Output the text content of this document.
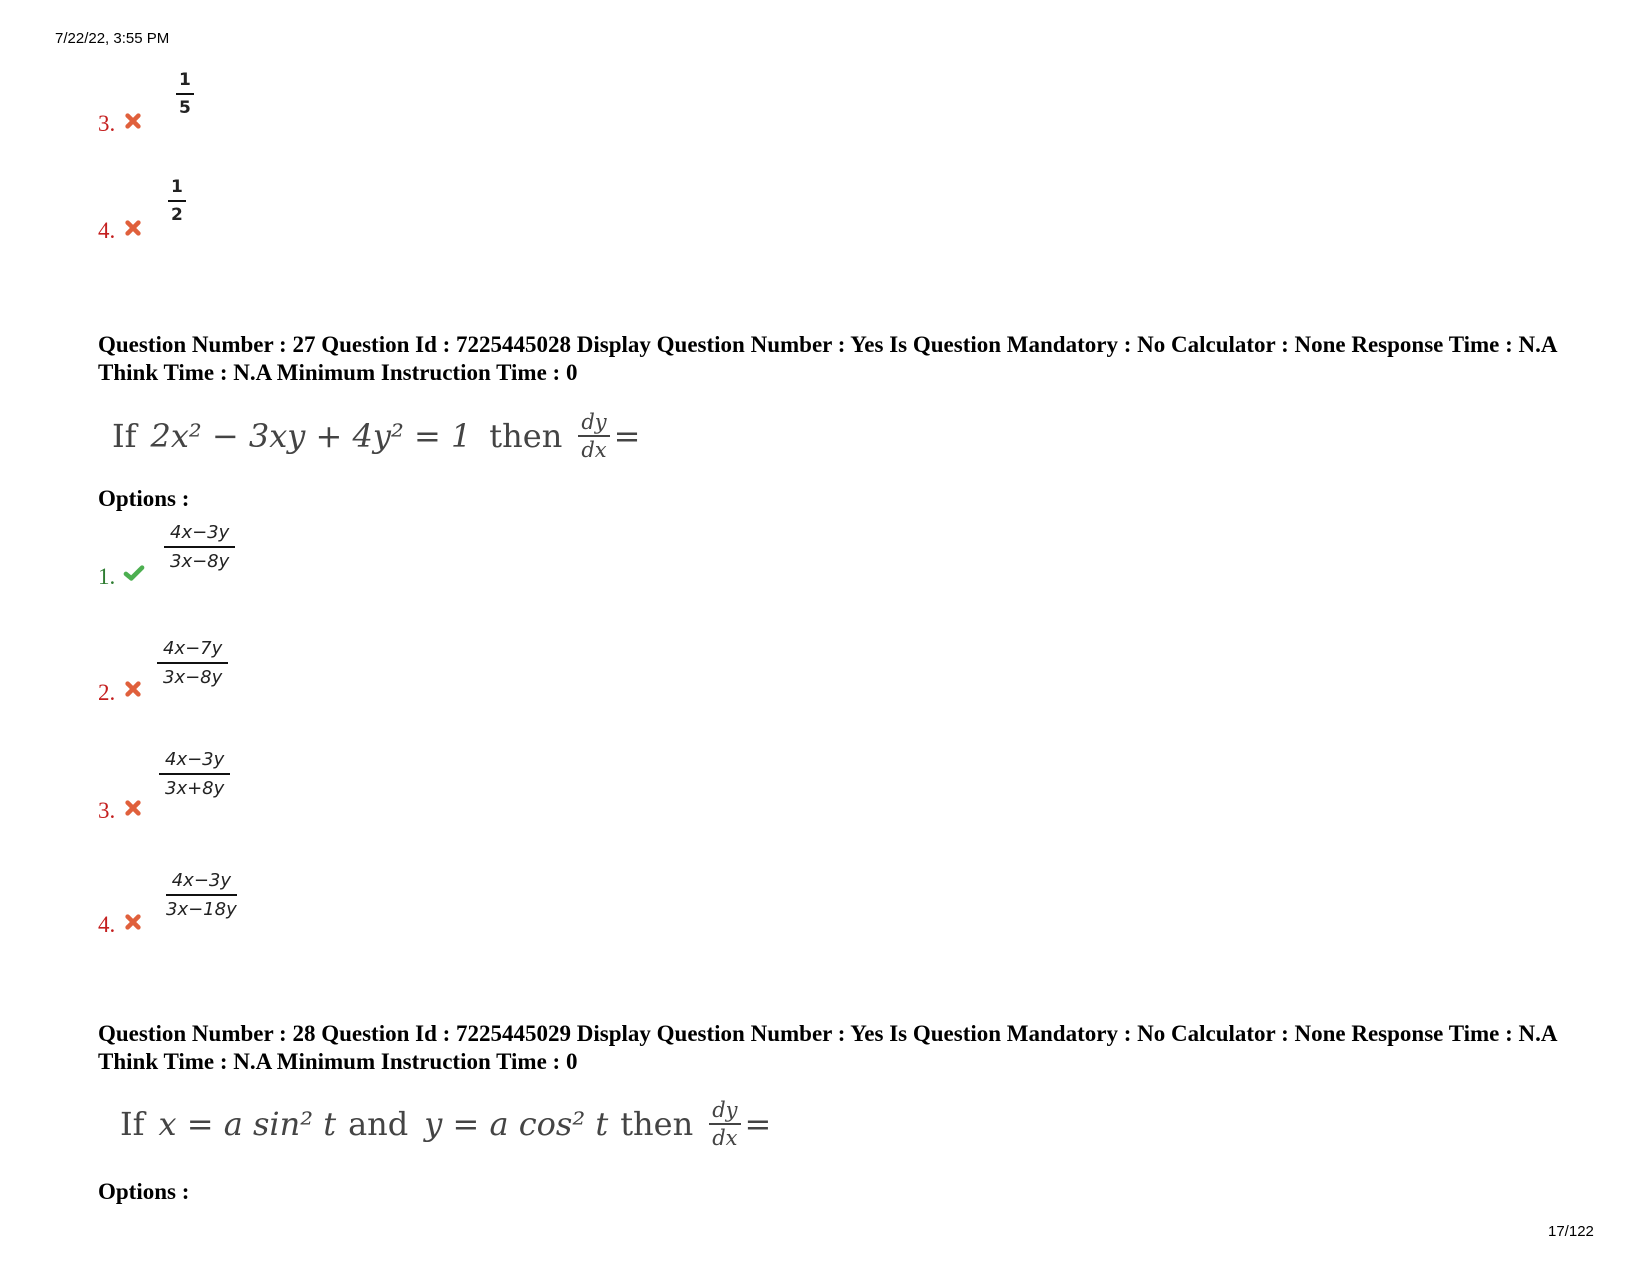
7/22/22, 3:55 PM
3.
$\frac{1}{5}$
4.
$\frac{1}{2}$
Question Number : 27 Question Id : 7225445028 Display Question Number : Yes Is Question Mandatory : No Calculator : None Response Time : N.A Think Time : N.A Minimum Instruction Time : 0
If 2x² − 3xy + 4y² = 1 then $\frac{dy}{dx}$ =
Options :
1.
$\frac{4x-3y}{3x-8y}$
2.
$\frac{4x-7y}{3x-8y}$
3.
$\frac{4x-3y}{3x+8y}$
4.
$\frac{4x-3y}{3x-18y}$
Question Number : 28 Question Id : 7225445029 Display Question Number : Yes Is Question Mandatory : No Calculator : None Response Time : N.A Think Time : N.A Minimum Instruction Time : 0
If x = a sin² t and y = a cos² t then $\frac{dy}{dx}$ =
Options :
17/122
